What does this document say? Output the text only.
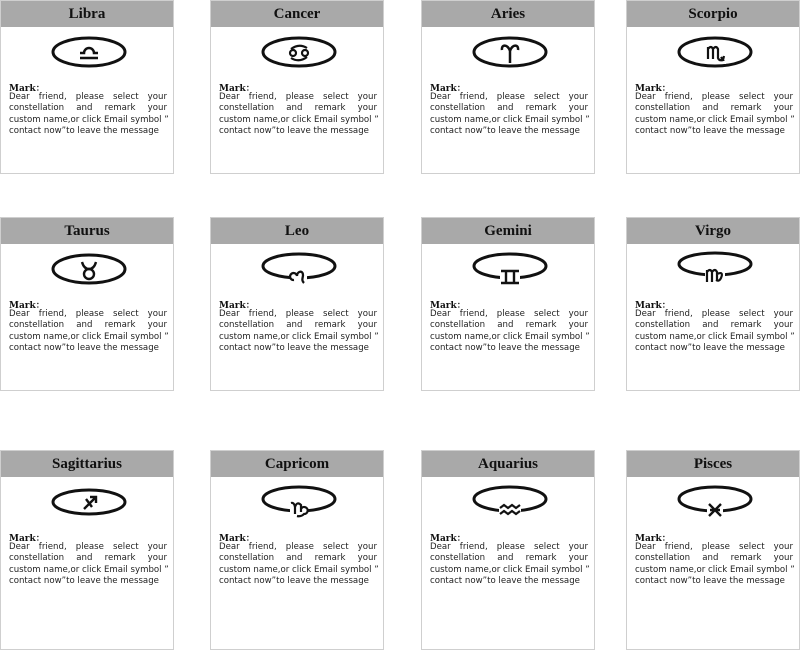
Libra
Mark：
Dear friend, please select your
constellation and remark your
custom name,or click Email symbol ”
contact now”to leave the message
Cancer
Mark：
Dear friend, please select your
constellation and remark your
custom name,or click Email symbol ”
contact now”to leave the message
Aries
Mark：
Dear friend, please select your
constellation and remark your
custom name,or click Email symbol ”
contact now”to leave the message
Scorpio
Mark：
Dear friend, please select your
constellation and remark your
custom name,or click Email symbol ”
contact now”to leave the message
Taurus
Mark：
Dear friend, please select your
constellation and remark your
custom name,or click Email symbol ”
contact now”to leave the message
Leo
Mark：
Dear friend, please select your
constellation and remark your
custom name,or click Email symbol ”
contact now”to leave the message
Gemini
Mark：
Dear friend, please select your
constellation and remark your
custom name,or click Email symbol ”
contact now”to leave the message
Virgo
Mark：
Dear friend, please select your
constellation and remark your
custom name,or click Email symbol ”
contact now”to leave the message
Sagittarius
Mark：
Dear friend, please select your
constellation and remark your
custom name,or click Email symbol ”
contact now”to leave the message
Capricom
Mark：
Dear friend, please select your
constellation and remark your
custom name,or click Email symbol ”
contact now”to leave the message
Aquarius
Mark：
Dear friend, please select your
constellation and remark your
custom name,or click Email symbol ”
contact now”to leave the message
Pisces
Mark：
Dear friend, please select your
constellation and remark your
custom name,or click Email symbol ”
contact now”to leave the message
